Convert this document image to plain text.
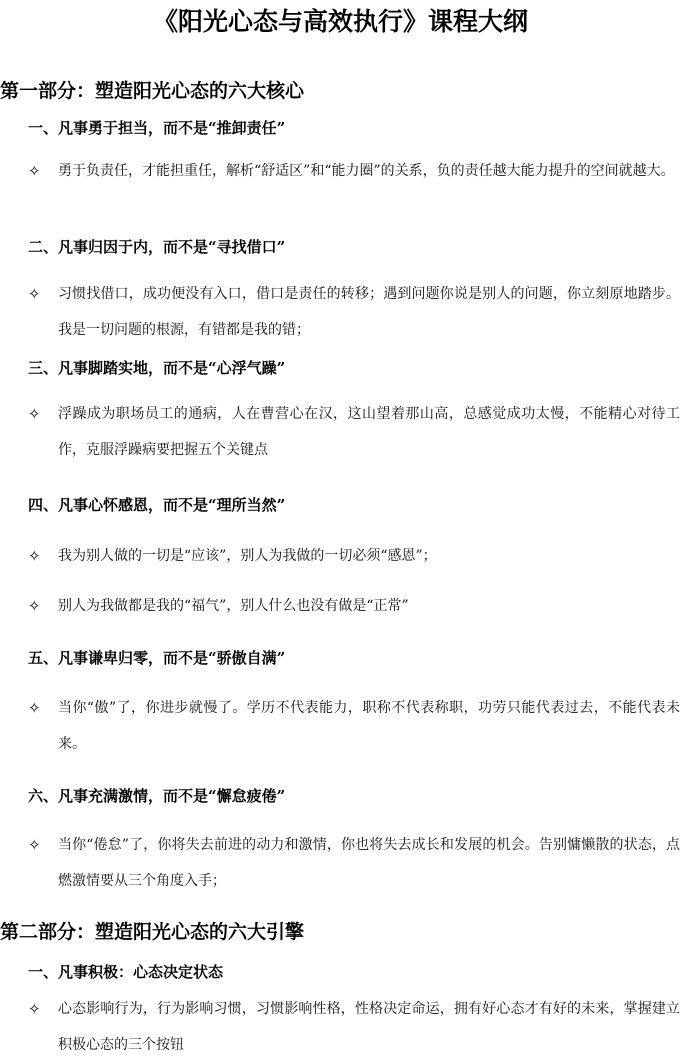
《阳光心态与高效执行》课程大纲
第一部分：塑造阳光心态的六大核心
一、凡事勇于担当，而不是“推卸责任”
✧ 勇于负责任，才能担重任，解析“舒适区”和“能力圈”的关系，负的责任越大能力提升的空间就越大。
二、凡事归因于内，而不是“寻找借口”
✧ 习惯找借口，成功便没有入口，借口是责任的转移；遇到问题你说是别人的问题，你立刻原地踏步。我是一切问题的根源，有错都是我的错；
三、凡事脚踏实地，而不是“心浮气躁”
✧ 浮躁成为职场员工的通病，人在曹营心在汉，这山望着那山高，总感觉成功太慢，不能精心对待工作，克服浮躁病要把握五个关键点
四、凡事心怀感恩，而不是“理所当然”
✧ 我为别人做的一切是“应该”，别人为我做的一切必须“感恩”；
✧ 别人为我做都是我的“福气”，别人什么也没有做是“正常”
五、凡事谦卑归零，而不是“骄傲自满”
✧ 当你“傲”了，你进步就慢了。学历不代表能力，职称不代表称职，功劳只能代表过去，不能代表未来。
六、凡事充满激情，而不是“懈怠疲倦”
✧ 当你“倦怠”了，你将失去前进的动力和激情，你也将失去成长和发展的机会。告别慵懒散的状态，点燃激情要从三个角度入手；
第二部分：塑造阳光心态的六大引擎
一、凡事积极：心态决定状态
✧ 心态影响行为，行为影响习惯，习惯影响性格，性格决定命运，拥有好心态才有好的未来，掌握建立积极心态的三个按钮
